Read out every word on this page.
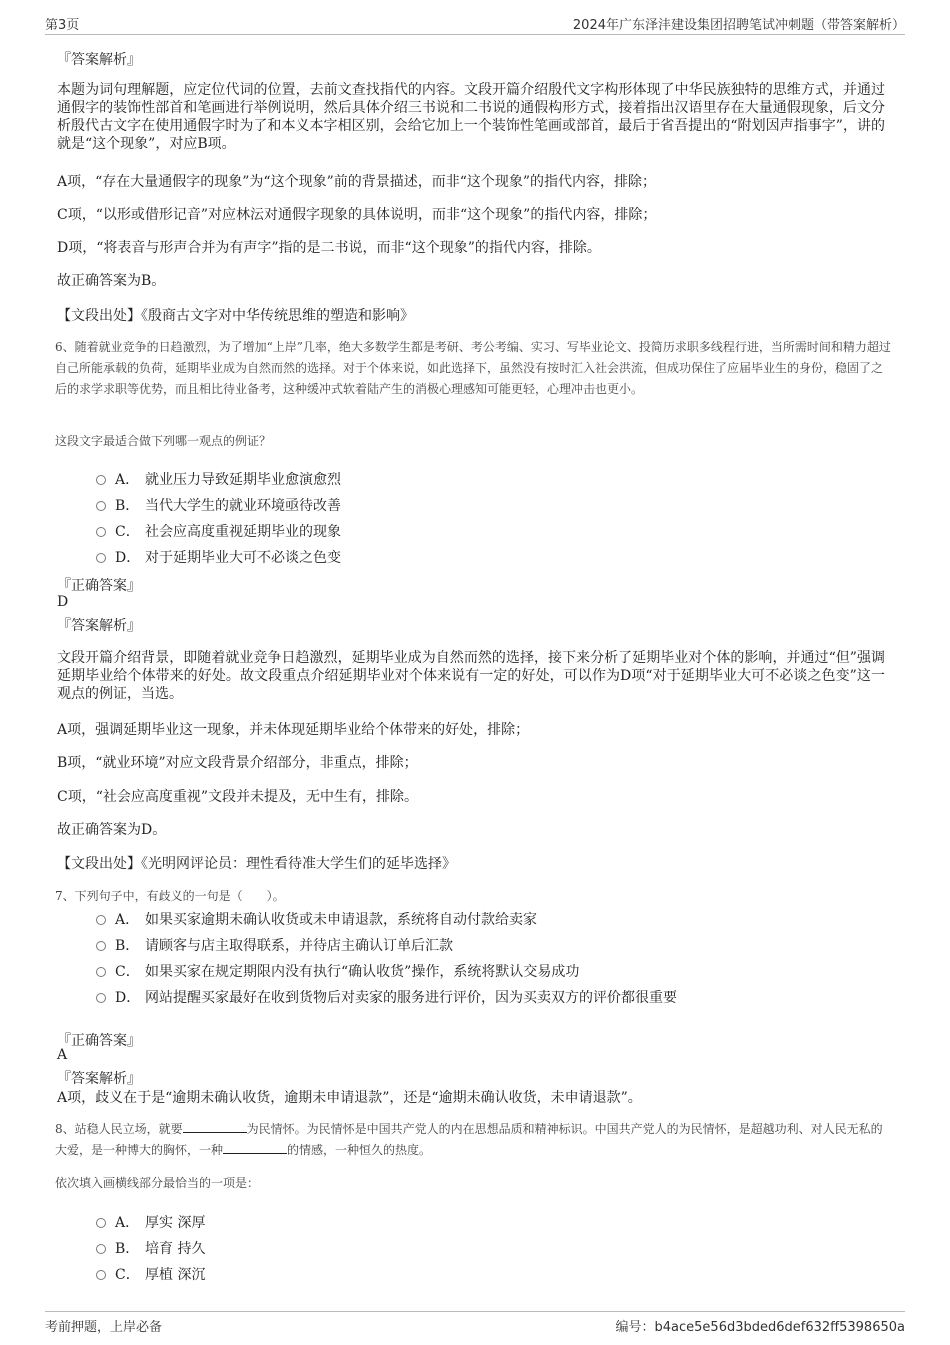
第3页	2024年广东泽沣建设集团招聘笔试冲刺题（带答案解析）
『答案解析』
本题为词句理解题，应定位代词的位置，去前文查找指代的内容。文段开篇介绍殷代文字构形体现了中华民族独特的思维方式，并通过通假字的装饰性部首和笔画进行举例说明，然后具体介绍三书说和二书说的通假构形方式，接着指出汉语里存在大量通假现象，后文分析殷代古文字在使用通假字时为了和本义本字相区别，会给它加上一个装饰性笔画或部首，最后于省吾提出的“附划因声指事字”，讲的就是“这个现象”，对应B项。
A项，“存在大量通假字的现象”为“这个现象”前的背景描述，而非“这个现象”的指代内容，排除；
C项，“以形或借形记音”对应林沄对通假字现象的具体说明，而非“这个现象”的指代内容，排除；
D项，“将表音与形声合并为有声字”指的是二书说，而非“这个现象”的指代内容，排除。
故正确答案为B。
【文段出处】《殷商古文字对中华传统思维的塑造和影响》
6、随着就业竞争的日趋激烈，为了增加“上岸”几率，绝大多数学生都是考研、考公考编、实习、写毕业论文、投简历求职多线程行进，当所需时间和精力超过自己所能承载的负荷，延期毕业成为自然而然的选择。对于个体来说，如此选择下，虽然没有按时汇入社会洪流，但成功保住了应届毕业生的身份，稳固了之后的求学求职等优势，而且相比待业备考，这种缓冲式软着陆产生的消极心理感知可能更轻，心理冲击也更小。
这段文字最适合做下列哪一观点的例证？
A． 就业压力导致延期毕业愈演愈烈
B． 当代大学生的就业环境亟待改善
C． 社会应高度重视延期毕业的现象
D． 对于延期毕业大可不必谈之色变
『正确答案』
D
『答案解析』
文段开篇介绍背景，即随着就业竞争日趋激烈，延期毕业成为自然而然的选择，接下来分析了延期毕业对个体的影响，并通过“但”强调延期毕业给个体带来的好处。故文段重点介绍延期毕业对个体来说有一定的好处，可以作为D项“对于延期毕业大可不必谈之色变”这一观点的例证，当选。
A项，强调延期毕业这一现象，并未体现延期毕业给个体带来的好处，排除；
B项，“就业环境”对应文段背景介绍部分，非重点，排除；
C项，“社会应高度重视”文段并未提及，无中生有，排除。
故正确答案为D。
【文段出处】《光明网评论员：理性看待准大学生们的延毕选择》
7、下列句子中，有歧义的一句是（　　）。
A． 如果买家逾期未确认收货或未申请退款，系统将自动付款给卖家
B． 请顾客与店主取得联系，并待店主确认订单后汇款
C． 如果买家在规定期限内没有执行“确认收货”操作，系统将默认交易成功
D． 网站提醒买家最好在收到货物后对卖家的服务进行评价，因为买卖双方的评价都很重要
『正确答案』
A
『答案解析』
A项，歧义在于是“逾期未确认收货，逾期未申请退款”，还是“逾期未确认收货，未申请退款”。
8、站稳人民立场，就要	为民情怀。为民情怀是中国共产党人的内在思想品质和精神标识。中国共产党人的为民情怀，是超越功利、对人民无私的大爱，是一种博大的胸怀，一种	的情感，一种恒久的热度。
依次填入画横线部分最恰当的一项是：
A． 厚实 深厚
B． 培育 持久
C． 厚植 深沉
考前押题，上岸必备	编号：b4ace5e56d3bded6def632ff5398650a
